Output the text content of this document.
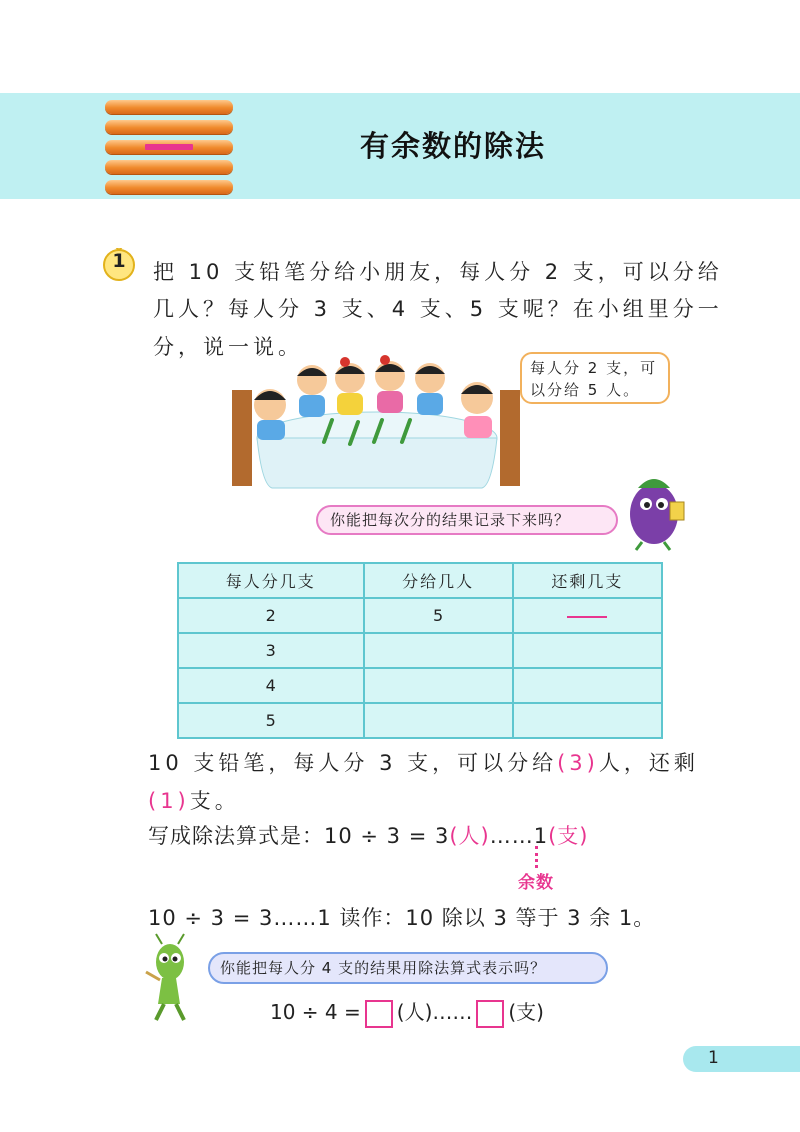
有余数的除法
1	把 10 支铅笔分给小朋友，每人分 2 支，可以分给
几人？每人分 3 支、4 支、5 支呢？在小组里分一
分，说一说。
每人分 2 支，可
以分给 5 人。
你能把每次分的结果记录下来吗？
每人分几支	分给几人	还剩几支
2	5	
3		
4		
5		
10 支铅笔，每人分 3 支，可以分给(3)人，还剩
(1)支。
写成除法算式是：10 ÷ 3 = 3(人)……1(支)
余数
10 ÷ 3 = 3……1 读作：10 除以 3 等于 3 余 1。
你能把每人分 4 支的结果用除法算式表示吗？
10 ÷ 4 = (人)…… (支)
1
